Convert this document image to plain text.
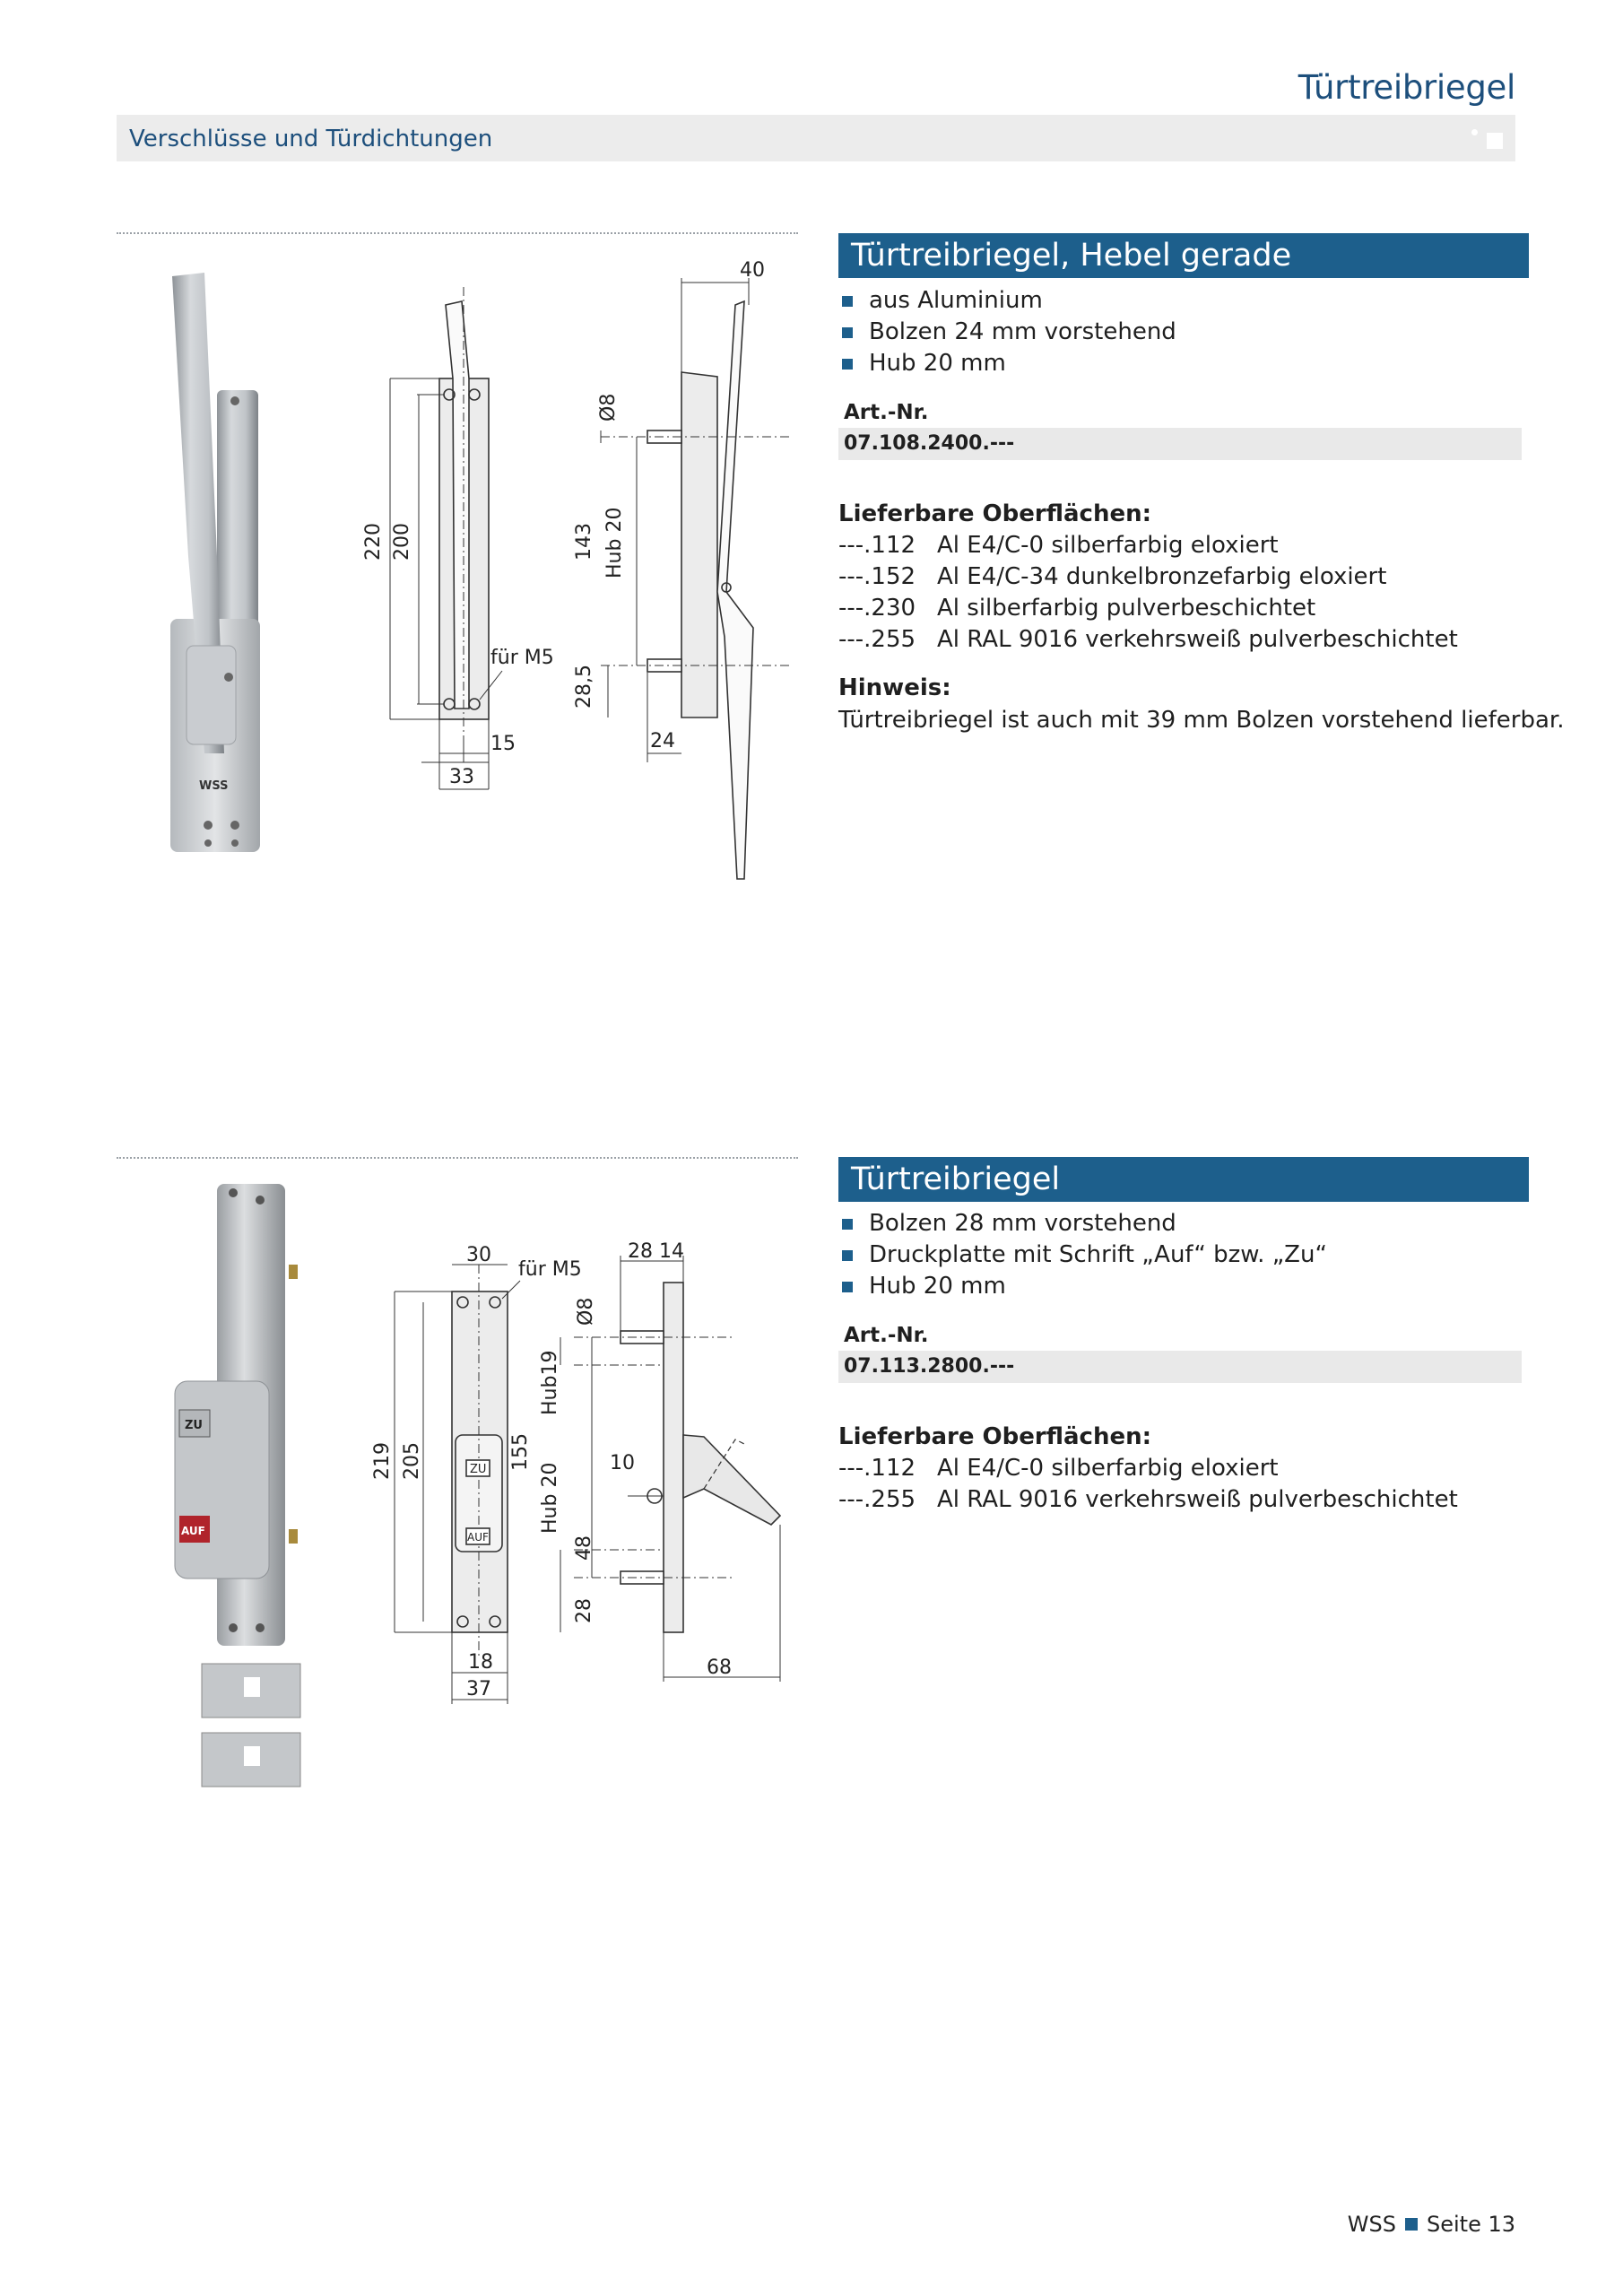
Türtreibriegel
Verschlüsse und Türdichtungen
WSS
220 200
für M5
15
33
40
Ø8
143 Hub 20
28,5
24
Türtreibriegel, Hebel gerade
aus Aluminium
Bolzen 24 mm vorstehend
Hub 20 mm
Art.-Nr.
07.108.2400.---
Lieferbare Oberflächen:
---.112 Al E4/C-0 silberfarbig eloxiert
---.152 Al E4/C-34 dunkelbronzefarbig eloxiert
---.230 Al silberfarbig pulverbeschichtet
---.255 Al RAL 9016 verkehrsweiß pulverbeschichtet
Hinweis:
Türtreibriegel ist auch mit 39 mm Bolzen vorstehend lieferbar.
ZU
AUF
30
für M5
ZU
AUF
219 205
18
37
28 14
Ø8
Hub19
155
Hub 20 10
48
28
68
Türtreibriegel
Bolzen 28 mm vorstehend
Druckplatte mit Schrift „Auf“ bzw. „Zu“
Hub 20 mm
Art.-Nr.
07.113.2800.---
Lieferbare Oberflächen:
---.112 Al E4/C-0 silberfarbig eloxiert
---.255 Al RAL 9016 verkehrsweiß pulverbeschichtet
WSS Seite 13
